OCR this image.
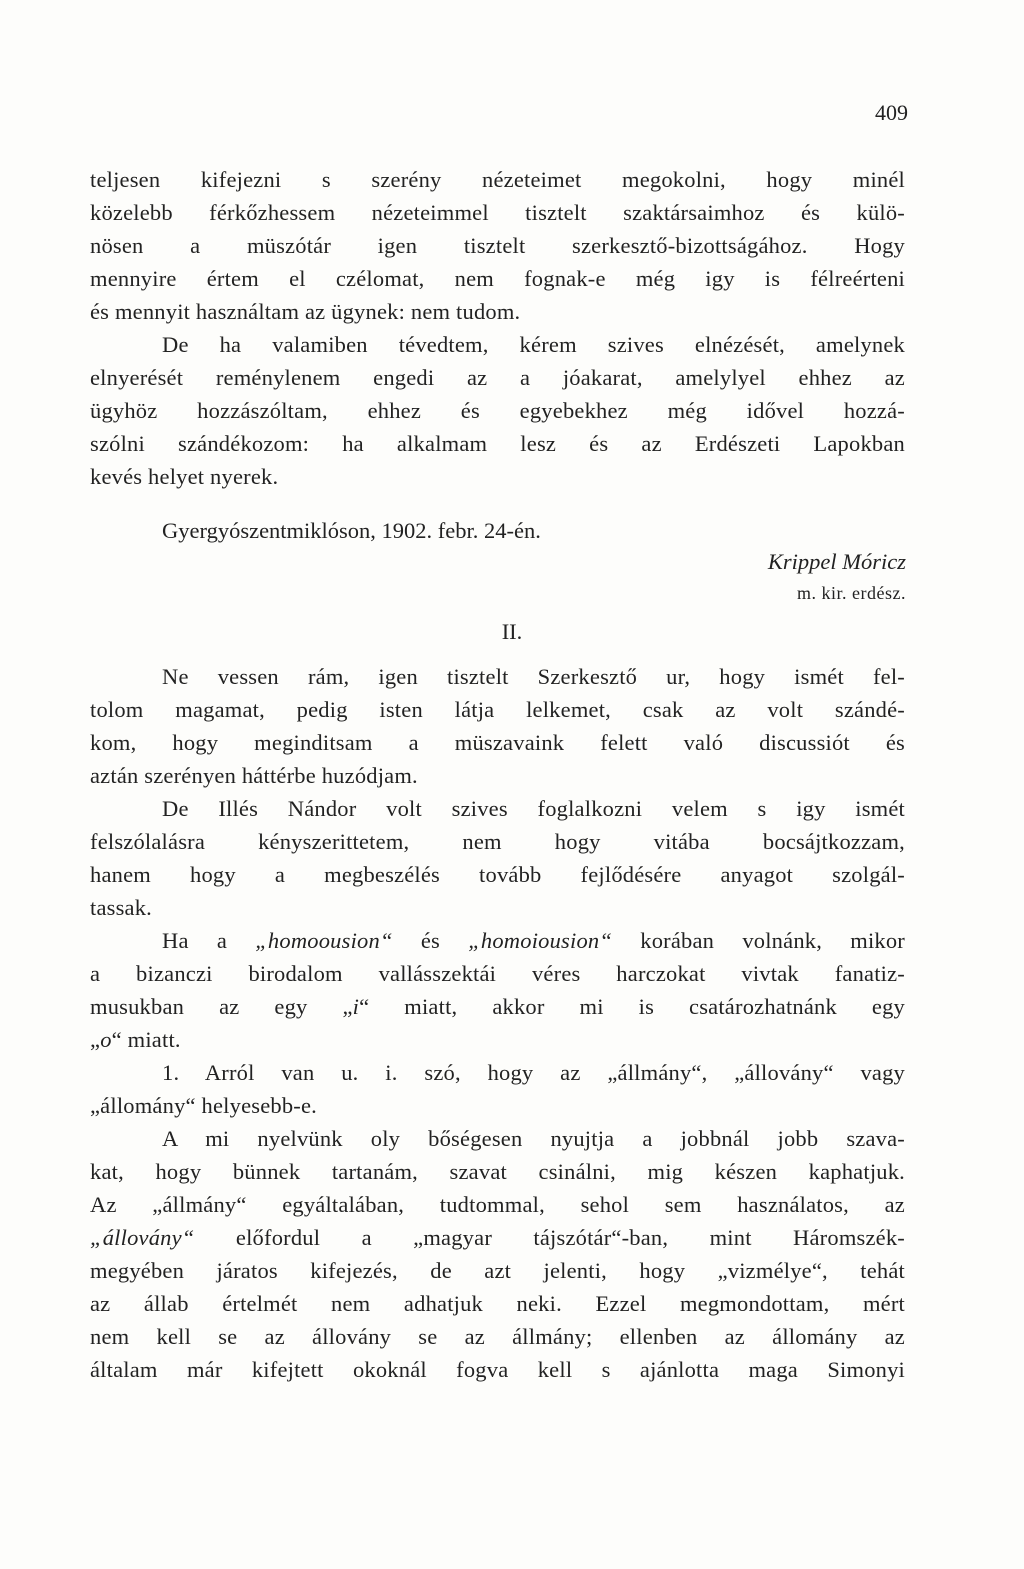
409

teljesen kifejezni s szerény nézeteimet megokolni, hogy minél
közelebb férkőzhessem nézeteimmel tisztelt szaktársaimhoz és külö-
nösen a müszótár igen tisztelt szerkesztő-bizottságához. Hogy
mennyire értem el czélomat, nem fognak-e még igy is félreérteni
és mennyit használtam az ügynek: nem tudom.

De ha valamiben tévedtem, kérem szives elnézését, amelynek
elnyerését reménylenem engedi az a jóakarat, amelylyel ehhez az
ügyhöz hozzászóltam, ehhez és egyebekhez még idővel hozzá-
szólni szándékozom: ha alkalmam lesz és az Erdészeti Lapokban
kevés helyet nyerek.

Gyergyószentmiklóson, 1902. febr. 24-én.
Krippel Móricz
m. kir. erdész.
II.

Ne vessen rám, igen tisztelt Szerkesztő ur, hogy ismét fel-
tolom magamat, pedig isten látja lelkemet, csak az volt szándé-
kom, hogy meginditsam a müszavaink felett való discussiót és
aztán szerényen háttérbe huzódjam.

De Illés Nándor volt szives foglalkozni velem s igy ismét
felszólalásra kényszerittetem, nem hogy vitába bocsájtkozzam,
hanem hogy a megbeszélés tovább fejlődésére anyagot szolgál-
tassak.

Ha a „homoousion“ és „homoiousion“ korában volnánk, mikor
a bizanczi birodalom vallásszektái véres harczokat vivtak fanatiz-
musukban az egy „i“ miatt, akkor mi is csatározhatnánk egy
„o“ miatt.

1. Arról van u. i. szó, hogy az „állmány“, „állovány“ vagy
„állomány“ helyesebb-e.

A mi nyelvünk oly bőségesen nyujtja a jobbnál jobb szava-
kat, hogy bünnek tartanám, szavat csinálni, mig készen kaphatjuk.
Az „állmány“ egyáltalában, tudtommal, sehol sem használatos, az
„állovány“ előfordul a „magyar tájszótár“-ban, mint Háromszék-
megyében járatos kifejezés, de azt jelenti, hogy „vizmélye“, tehát
az állab értelmét nem adhatjuk neki. Ezzel megmondottam, mért
nem kell se az állovány se az állmány; ellenben az állomány az
általam már kifejtett okoknál fogva kell s ajánlotta maga Simonyi
